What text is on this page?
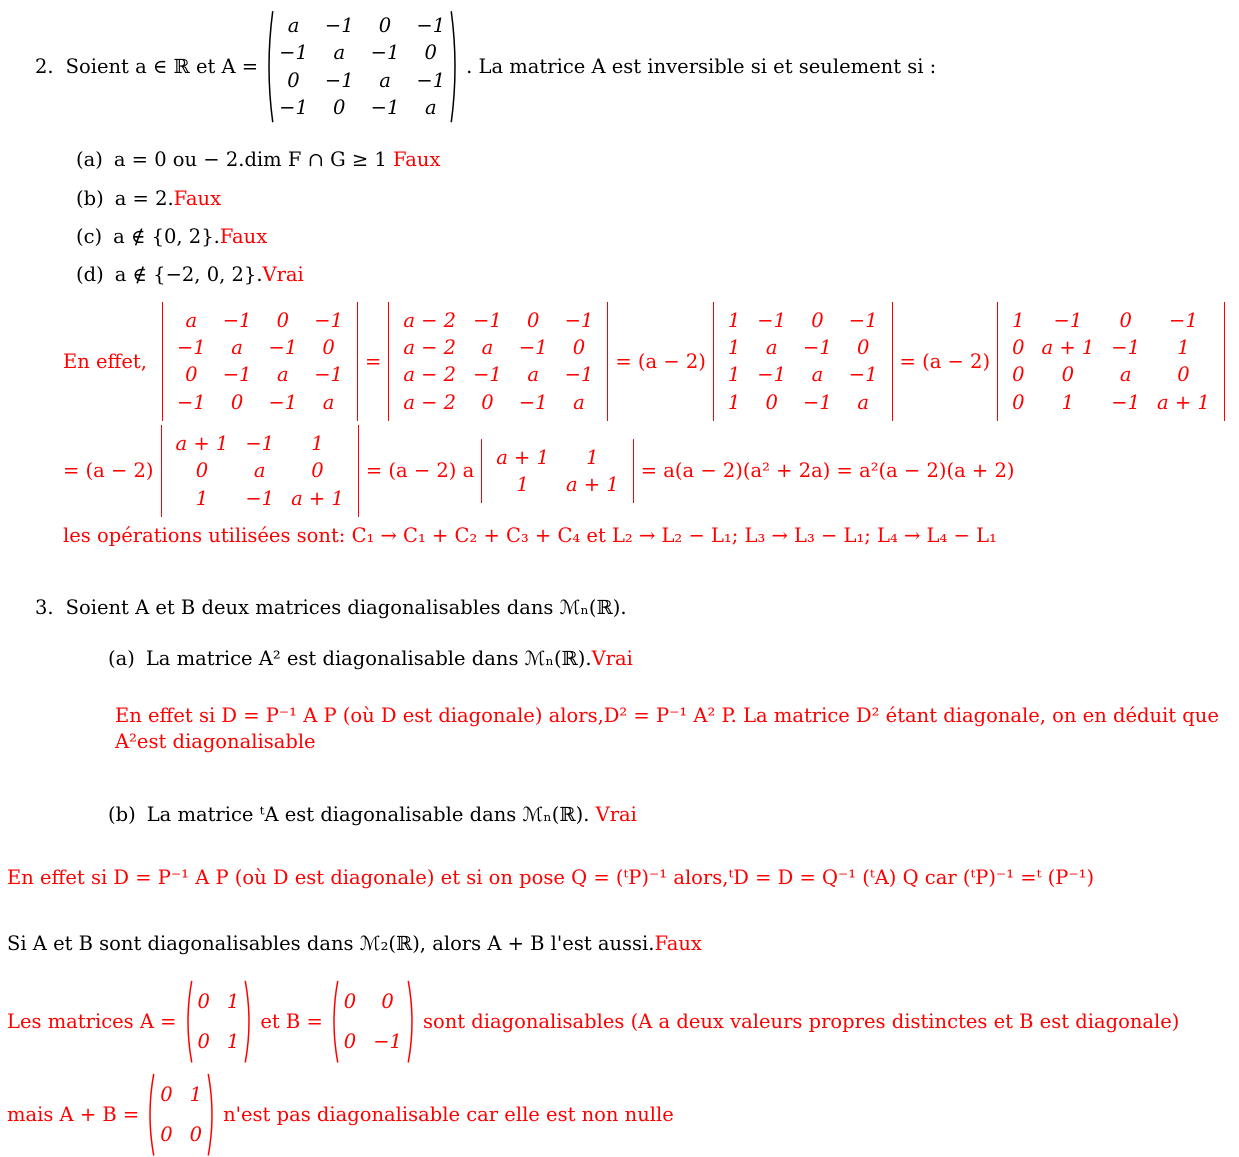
2. Soient a ∈ ℝ et A =
a −1 0 −1
−1 a −1 0
0 −1 a −1
−1 0 −1 a
. La matrice A est inversible si et seulement si :
(a) a = 0 ou − 2.dim F ∩ G ≥ 1 Faux
(b) a = 2.Faux
(c) a ∉ {0, 2}.Faux
(d) a ∉ {−2, 0, 2}.Vrai
En effet,
a −1 0 −1
−1 a −1 0
0 −1 a −1
−1 0 −1 a
=
a − 2 −1 0 −1
a − 2 a −1 0
a − 2 −1 a −1
a − 2 0 −1 a
= (a − 2)
1 −1 0 −1
1 a −1 0
1 −1 a −1
1 0 −1 a
= (a − 2)
1 −1 0 −1
0 a + 1 −1 1
0 0 a 0
0 1 −1 a + 1
= (a − 2)
a + 1 −1 1
0 a 0
1 −1 a + 1
= (a − 2) a
a + 1 1
1 a + 1
= a(a − 2)(a² + 2a) = a²(a − 2)(a + 2)
les opérations utilisées sont: C₁ → C₁ + C₂ + C₃ + C₄ et L₂ → L₂ − L₁; L₃ → L₃ − L₁; L₄ → L₄ − L₁
3. Soient A et B deux matrices diagonalisables dans ℳₙ(ℝ).
(a) La matrice A² est diagonalisable dans ℳₙ(ℝ).Vrai
En effet si D = P⁻¹ A P (où D est diagonale) alors,D² = P⁻¹ A² P. La matrice D² étant diagonale, on en déduit que A²est diagonalisable
(b) La matrice ᵗA est diagonalisable dans ℳₙ(ℝ). Vrai
En effet si D = P⁻¹ A P (où D est diagonale) et si on pose Q = (ᵗP)⁻¹ alors,ᵗD = D = Q⁻¹ (ᵗA) Q car (ᵗP)⁻¹ =ᵗ (P⁻¹)
Si A et B sont diagonalisables dans ℳ₂(ℝ), alors A + B l'est aussi.Faux
Les matrices A =
0 1
0 1
et B =
0 0
0 −1
sont diagonalisables (A a deux valeurs propres distinctes et B est diagonale)
mais A + B =
0 1
0 0
n'est pas diagonalisable car elle est non nulle
